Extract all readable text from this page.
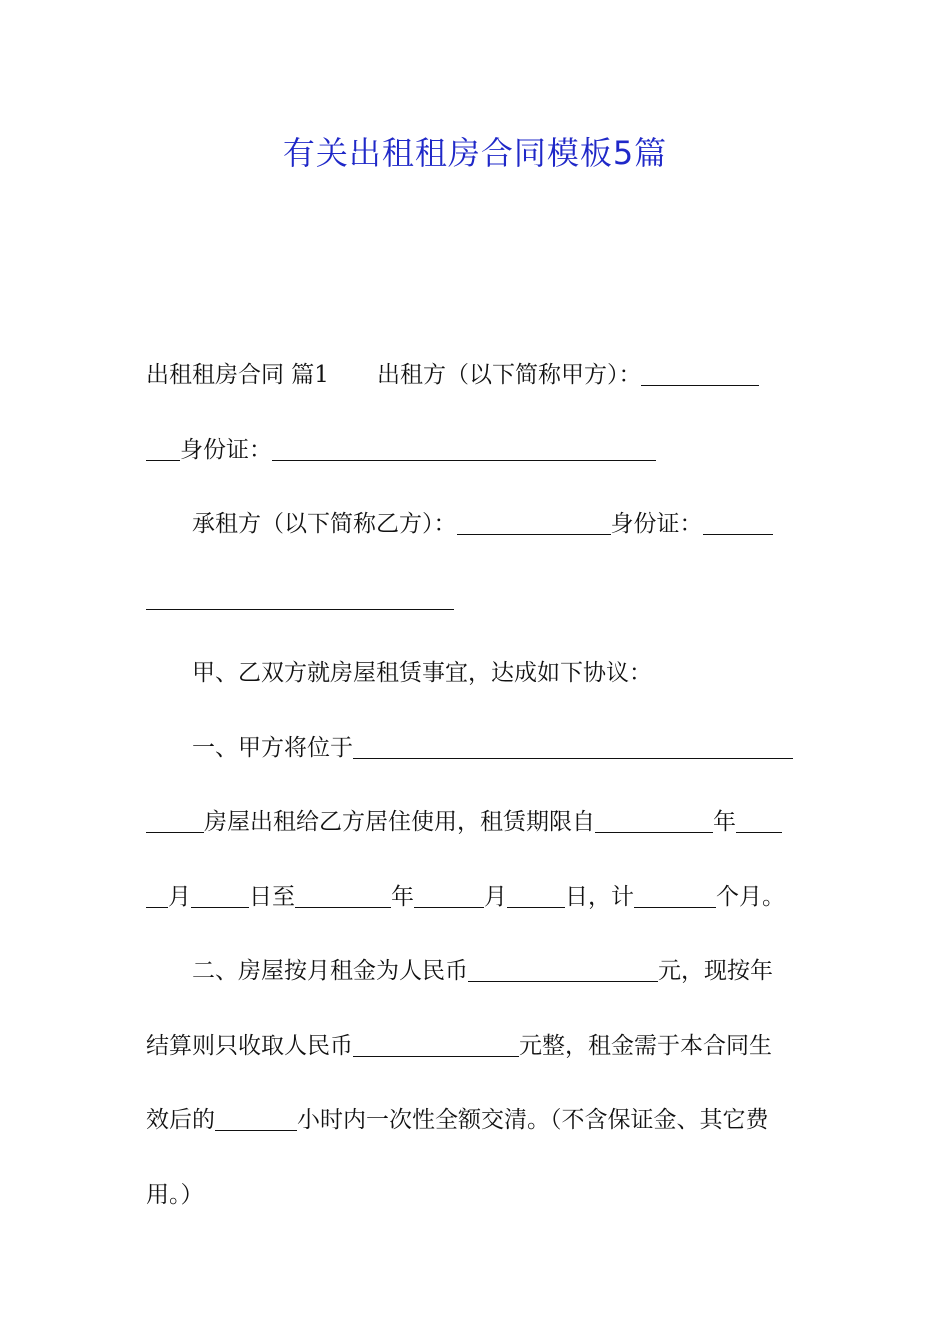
有关出租租房合同模板5篇
出租租房合同 篇1 出租方（以下简称甲方）：
身份证：
承租方（以下简称乙方）：	身份证：
甲、乙双方就房屋租赁事宜，达成如下协议：
一、甲方将位于
房屋出租给乙方居住使用，租赁期限自	年
月	日至	年	月	日，计	个月。
二、房屋按月租金为人民币	元，现按年
结算则只收取人民币	元整，租金需于本合同生
效后的	小时内一次性全额交清。（不含保证金、其它费
用。）
